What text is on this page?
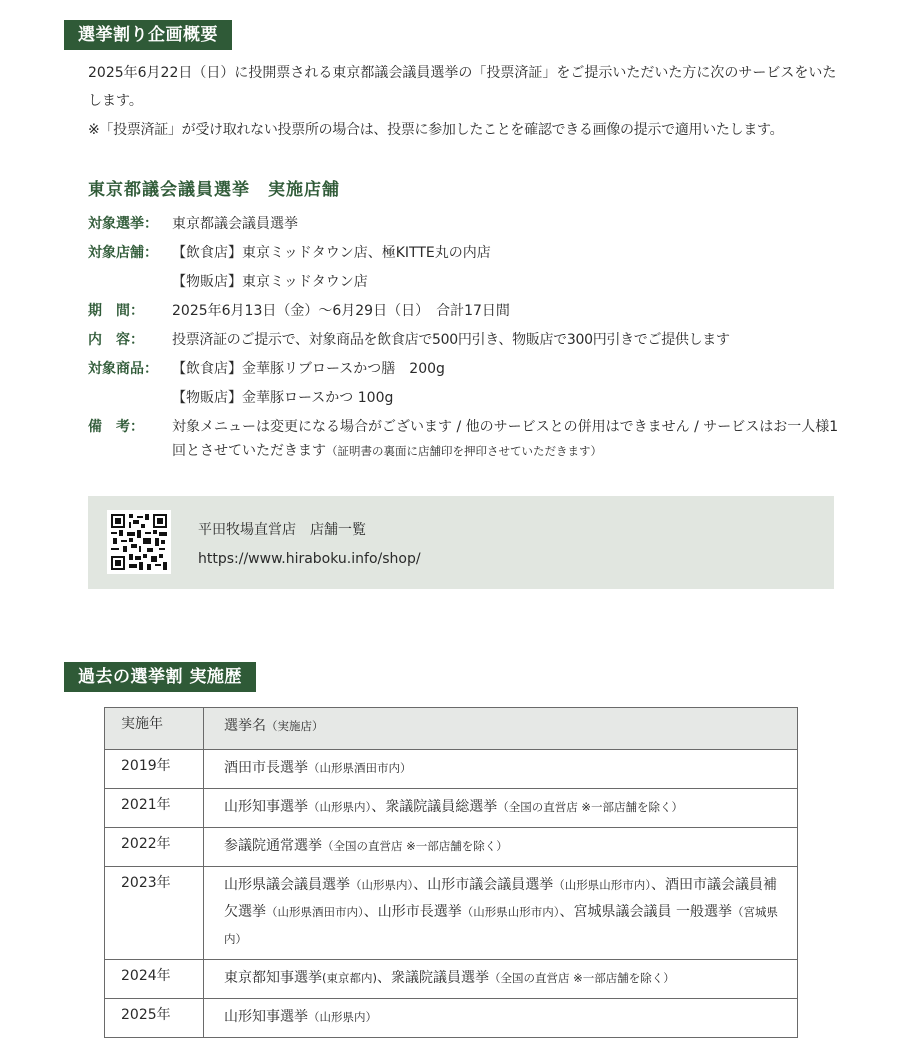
選挙割り企画概要

2025年6月22日（日）に投開票される東京都議会議員選挙の「投票済証」をご提示いただいた方に次のサービスをいたします。

※「投票済証」が受け取れない投票所の場合は、投票に参加したことを確認できる画像の提示で適用いたします。

東京都議会議員選挙　実施店舗
対象選挙：	東京都議会議員選挙
対象店舗：	【飲食店】東京ミッドタウン店、極KITTE丸の内店
【物販店】東京ミッドタウン店
期　間：	2025年6月13日（金）〜6月29日（日）　合計17日間
内　容：	投票済証のご提示で、対象商品を飲食店で500円引き、物販店で300円引きでご提供します
対象商品：	【飲食店】金華豚リブロースかつ膳　200g
【物販店】金華豚ロースかつ 100g
備　考：	対象メニューは変更になる場合がございます / 他のサービスとの併用はできません / サービスはお一人様1回とさせていただきます（証明書の裏面に店舗印を押印させていただきます）
平田牧場直営店　店舗一覧
https://www.hiraboku.info/shop/
過去の選挙割 実施歴
実施年	選挙名（実施店）
2019年	酒田市長選挙（山形県酒田市内）
2021年	山形知事選挙（山形県内）、衆議院議員総選挙（全国の直営店 ※一部店舗を除く）
2022年	参議院通常選挙（全国の直営店 ※一部店舗を除く）
2023年	山形県議会議員選挙（山形県内）、山形市議会議員選挙（山形県山形市内）、酒田市議会議員補欠選挙（山形県酒田市内）、山形市長選挙（山形県山形市内）、宮城県議会議員 一般選挙（宮城県内）
2024年	東京都知事選挙(東京都内)、衆議院議員選挙（全国の直営店 ※一部店舗を除く）
2025年	山形知事選挙（山形県内）
